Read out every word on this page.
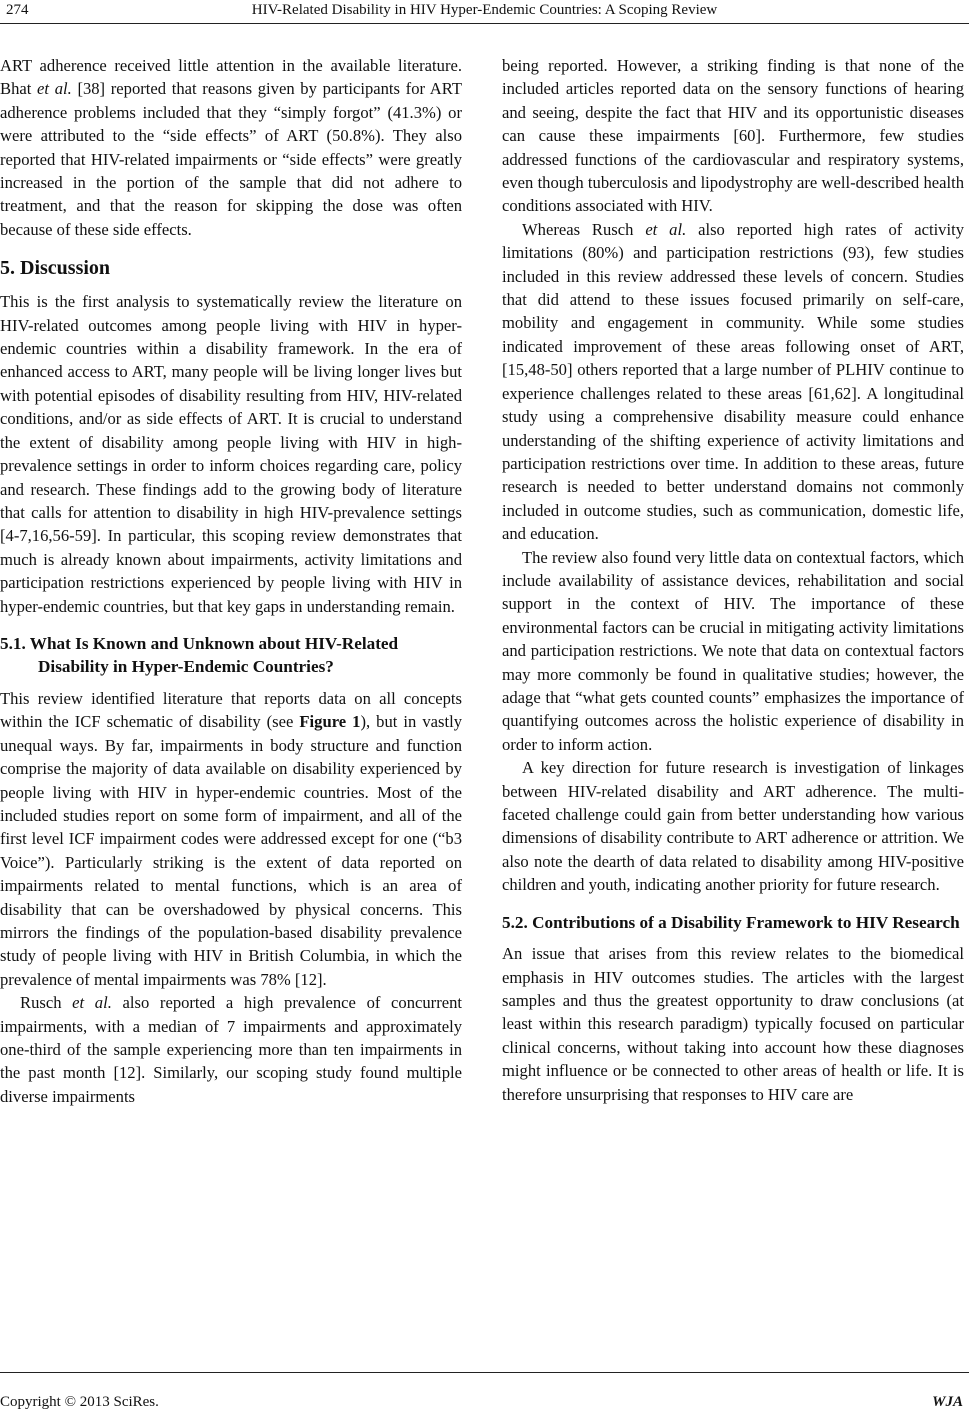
274	HIV-Related Disability in HIV Hyper-Endemic Countries: A Scoping Review

ART adherence received little attention in the available literature. Bhat et al. [38] reported that reasons given by participants for ART adherence problems included that they “simply forgot” (41.3%) or were attributed to the “side effects” of ART (50.8%). They also reported that HIV-related impairments or “side effects” were greatly increased in the portion of the sample that did not adhere to treatment, and that the reason for skipping the dose was often because of these side effects.

5. Discussion

This is the first analysis to systematically review the literature on HIV-related outcomes among people living with HIV in hyper-endemic countries within a disability framework. In the era of enhanced access to ART, many people will be living longer lives but with potential episodes of disability resulting from HIV, HIV-related conditions, and/or as side effects of ART. It is crucial to understand the extent of disability among people living with HIV in high-prevalence settings in order to inform choices regarding care, policy and research. These findings add to the growing body of literature that calls for attention to disability in high HIV-prevalence settings [4-7,16,56-59]. In particular, this scoping review demonstrates that much is already known about impairments, activity limitations and participation restrictions experienced by people living with HIV in hyper-endemic countries, but that key gaps in understanding remain.

5.1. What Is Known and Unknown about HIV-Related Disability in Hyper-Endemic Countries?

This review identified literature that reports data on all concepts within the ICF schematic of disability (see Figure 1), but in vastly unequal ways. By far, impairments in body structure and function comprise the majority of data available on disability experienced by people living with HIV in hyper-endemic countries. Most of the included studies report on some form of impairment, and all of the first level ICF impairment codes were addressed except for one (“b3 Voice”). Particularly striking is the extent of data reported on impairments related to mental functions, which is an area of disability that can be overshadowed by physical concerns. This mirrors the findings of the population-based disability prevalence study of people living with HIV in British Columbia, in which the prevalence of mental impairments was 78% [12].

Rusch et al. also reported a high prevalence of concurrent impairments, with a median of 7 impairments and approximately one-third of the sample experiencing more than ten impairments in the past month [12]. Similarly, our scoping study found multiple diverse impairments

being reported. However, a striking finding is that none of the included articles reported data on the sensory functions of hearing and seeing, despite the fact that HIV and its opportunistic diseases can cause these impairments [60]. Furthermore, few studies addressed functions of the cardiovascular and respiratory systems, even though tuberculosis and lipodystrophy are well-described health conditions associated with HIV.

Whereas Rusch et al. also reported high rates of activity limitations (80%) and participation restrictions (93), few studies included in this review addressed these levels of concern. Studies that did attend to these issues focused primarily on self-care, mobility and engagement in community. While some studies indicated improvement of these areas following onset of ART, [15,48-50] others reported that a large number of PLHIV continue to experience challenges related to these areas [61,62]. A longitudinal study using a comprehensive disability measure could enhance understanding of the shifting experience of activity limitations and participation restrictions over time. In addition to these areas, future research is needed to better understand domains not commonly included in outcome studies, such as communication, domestic life, and education.

The review also found very little data on contextual factors, which include availability of assistance devices, rehabilitation and social support in the context of HIV. The importance of these environmental factors can be crucial in mitigating activity limitations and participation restrictions. We note that data on contextual factors may more commonly be found in qualitative studies; however, the adage that “what gets counted counts” emphasizes the importance of quantifying outcomes across the holistic experience of disability in order to inform action.

A key direction for future research is investigation of linkages between HIV-related disability and ART adherence. The multi-faceted challenge could gain from better understanding how various dimensions of disability contribute to ART adherence or attrition. We also note the dearth of data related to disability among HIV-positive children and youth, indicating another priority for future research.

5.2. Contributions of a Disability Framework to HIV Research

An issue that arises from this review relates to the biomedical emphasis in HIV outcomes studies. The articles with the largest samples and thus the greatest opportunity to draw conclusions (at least within this research paradigm) typically focused on particular clinical concerns, without taking into account how these diagnoses might influence or be connected to other areas of health or life. It is therefore unsurprising that responses to HIV care are

Copyright © 2013 SciRes.	WJA
